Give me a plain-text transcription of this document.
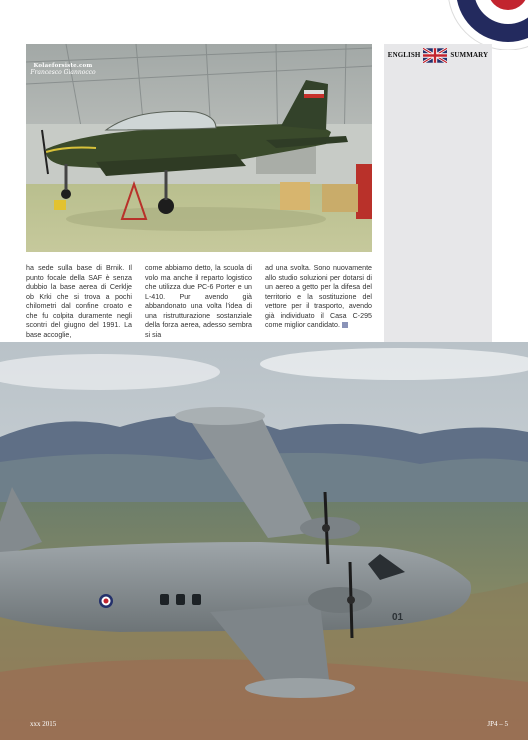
Kolaeforsiste.com
Francesco Giannocco
ENGLISH	SUMMARY
ha sede sulla base di Brnik. Il punto focale della SAF è senza dubbio la base aerea di Cerklje ob Krki che si trova a pochi chilometri dal confine croato e che fu colpita duramente negli scontri del giugno del 1991. La base accoglie,
come abbiamo detto, la scuola di volo ma anche il reparto logistico che utilizza due PC-6 Porter e un L-410. Pur avendo già abbandonato una volta l'idea di una ristrutturazione sostanziale della forza aerea, adesso sembra si sia
ad una svolta. Sono nuovamente allo studio soluzioni per dotarsi di un aereo a getto per la difesa del territorio e la sostituzione del vettore per il trasporto, avendo già individuato il Casa C-295 come miglior candidato.
01
xxx 2015	JP4 – 5
